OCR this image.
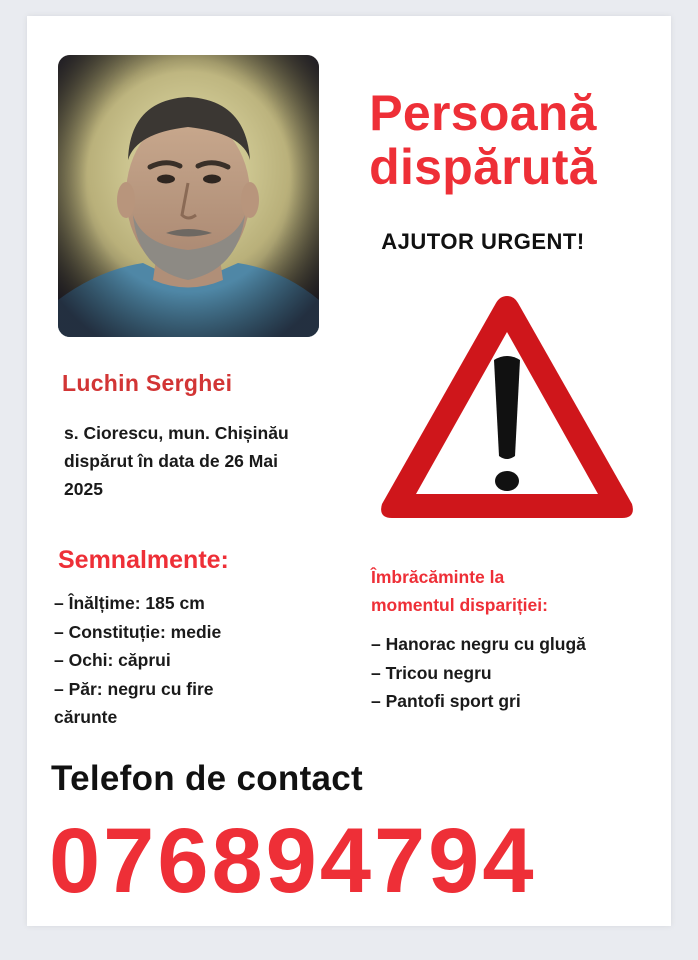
Persoană
dispărută
AJUTOR URGENT!
Luchin Serghei
s. Ciorescu, mun. Chișinău
dispărut în data de 26 Mai
2025
Semnalmente:
– Înălțime: 185 cm
– Constituție: medie
– Ochi: căprui
– Păr: negru cu fire
cărunte
Îmbrăcăminte la
momentul dispariției:
– Hanorac negru cu glugă
– Tricou negru
– Pantofi sport gri
Telefon de contact
076894794
